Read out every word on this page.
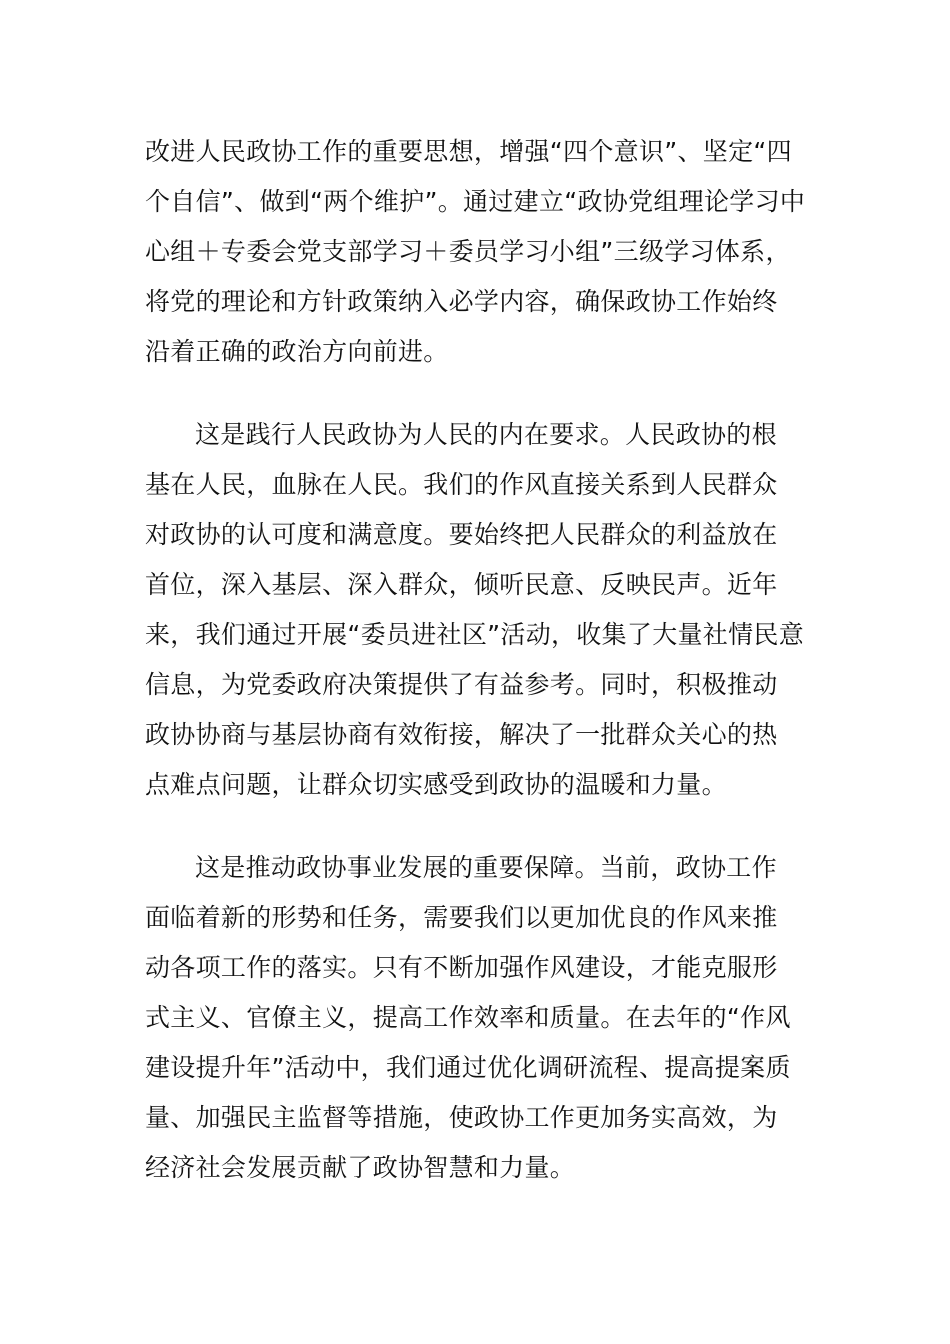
改进人民政协工作的重要思想，增强“四个意识”、坚定“四
个自信”、做到“两个维护”。通过建立“政协党组理论学习中
心组＋专委会党支部学习＋委员学习小组”三级学习体系，
将党的理论和方针政策纳入必学内容，确保政协工作始终
沿着正确的政治方向前进。

这是践行人民政协为人民的内在要求。人民政协的根
基在人民，血脉在人民。我们的作风直接关系到人民群众
对政协的认可度和满意度。要始终把人民群众的利益放在
首位，深入基层、深入群众，倾听民意、反映民声。近年
来，我们通过开展“委员进社区”活动，收集了大量社情民意
信息，为党委政府决策提供了有益参考。同时，积极推动
政协协商与基层协商有效衔接，解决了一批群众关心的热
点难点问题，让群众切实感受到政协的温暖和力量。

这是推动政协事业发展的重要保障。当前，政协工作
面临着新的形势和任务，需要我们以更加优良的作风来推
动各项工作的落实。只有不断加强作风建设，才能克服形
式主义、官僚主义，提高工作效率和质量。在去年的“作风
建设提升年”活动中，我们通过优化调研流程、提高提案质
量、加强民主监督等措施，使政协工作更加务实高效，为
经济社会发展贡献了政协智慧和力量。
